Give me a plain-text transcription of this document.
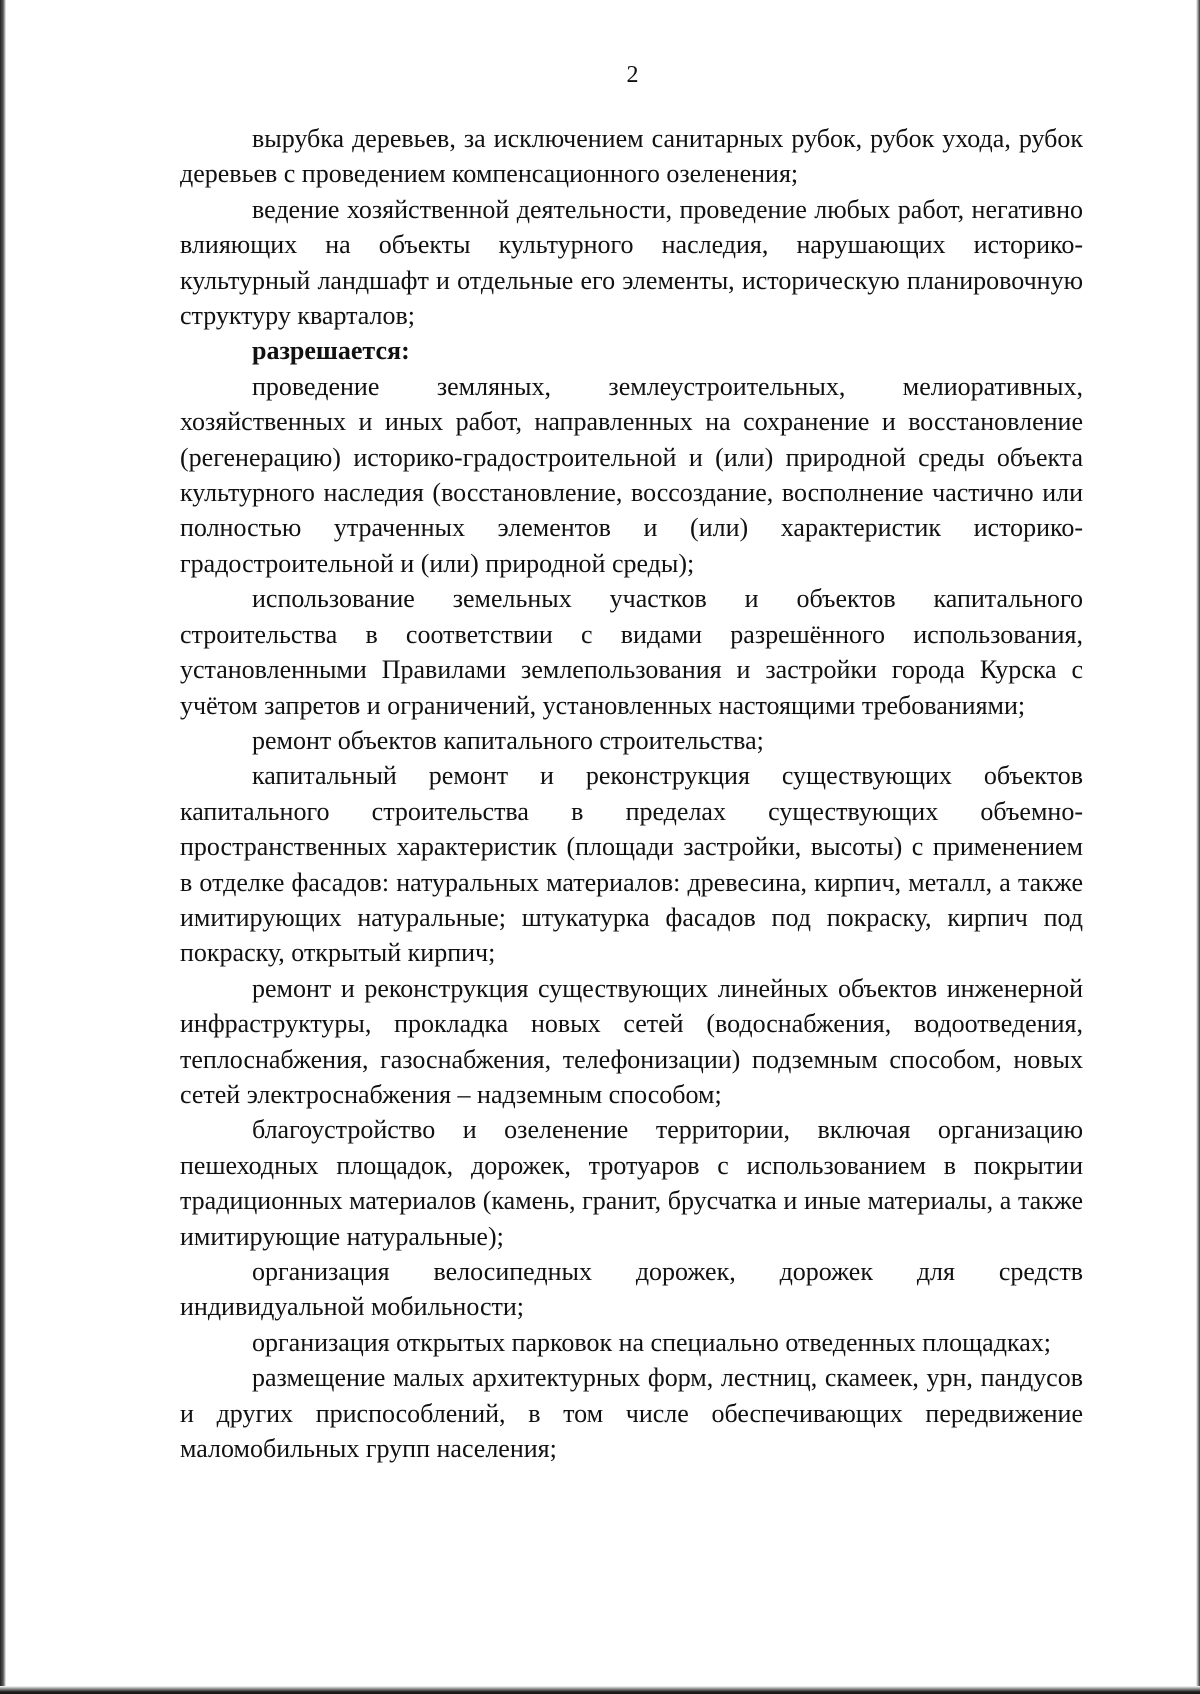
2

вырубка деревьев, за исключением санитарных рубок, рубок ухода, рубок деревьев с проведением компенсационного озеленения;

ведение хозяйственной деятельности, проведение любых работ, негативно влияющих на объекты культурного наследия, нарушающих историко-культурный ландшафт и отдельные его элементы, историческую планировочную структуру кварталов;

разрешается:

проведение земляных, землеустроительных, мелиоративных, хозяйственных и иных работ, направленных на сохранение и восстановление (регенерацию) историко-градостроительной и (или) природной среды объекта культурного наследия (восстановление, воссоздание, восполнение частично или полностью утраченных элементов и (или) характеристик историко-градостроительной и (или) природной среды);

использование земельных участков и объектов капитального строительства в соответствии с видами разрешённого использования, установленными Правилами землепользования и застройки города Курска с учётом запретов и ограничений, установленных настоящими требованиями;

ремонт объектов капитального строительства;

капитальный ремонт и реконструкция существующих объектов капитального строительства в пределах существующих объемно-пространственных характеристик (площади застройки, высоты) с применением в отделке фасадов: натуральных материалов: древесина, кирпич, металл, а также имитирующих натуральные; штукатурка фасадов под покраску, кирпич под покраску, открытый кирпич;

ремонт и реконструкция существующих линейных объектов инженерной инфраструктуры, прокладка новых сетей (водоснабжения, водоотведения, теплоснабжения, газоснабжения, телефонизации) подземным способом, новых сетей электроснабжения – надземным способом;

благоустройство и озеленение территории, включая организацию пешеходных площадок, дорожек, тротуаров с использованием в покрытии традиционных материалов (камень, гранит, брусчатка и иные материалы, а также имитирующие натуральные);

организация велосипедных дорожек, дорожек для средств индивидуальной мобильности;

организация открытых парковок на специально отведенных площадках;

размещение малых архитектурных форм, лестниц, скамеек, урн, пандусов и других приспособлений, в том числе обеспечивающих передвижение маломобильных групп населения;
